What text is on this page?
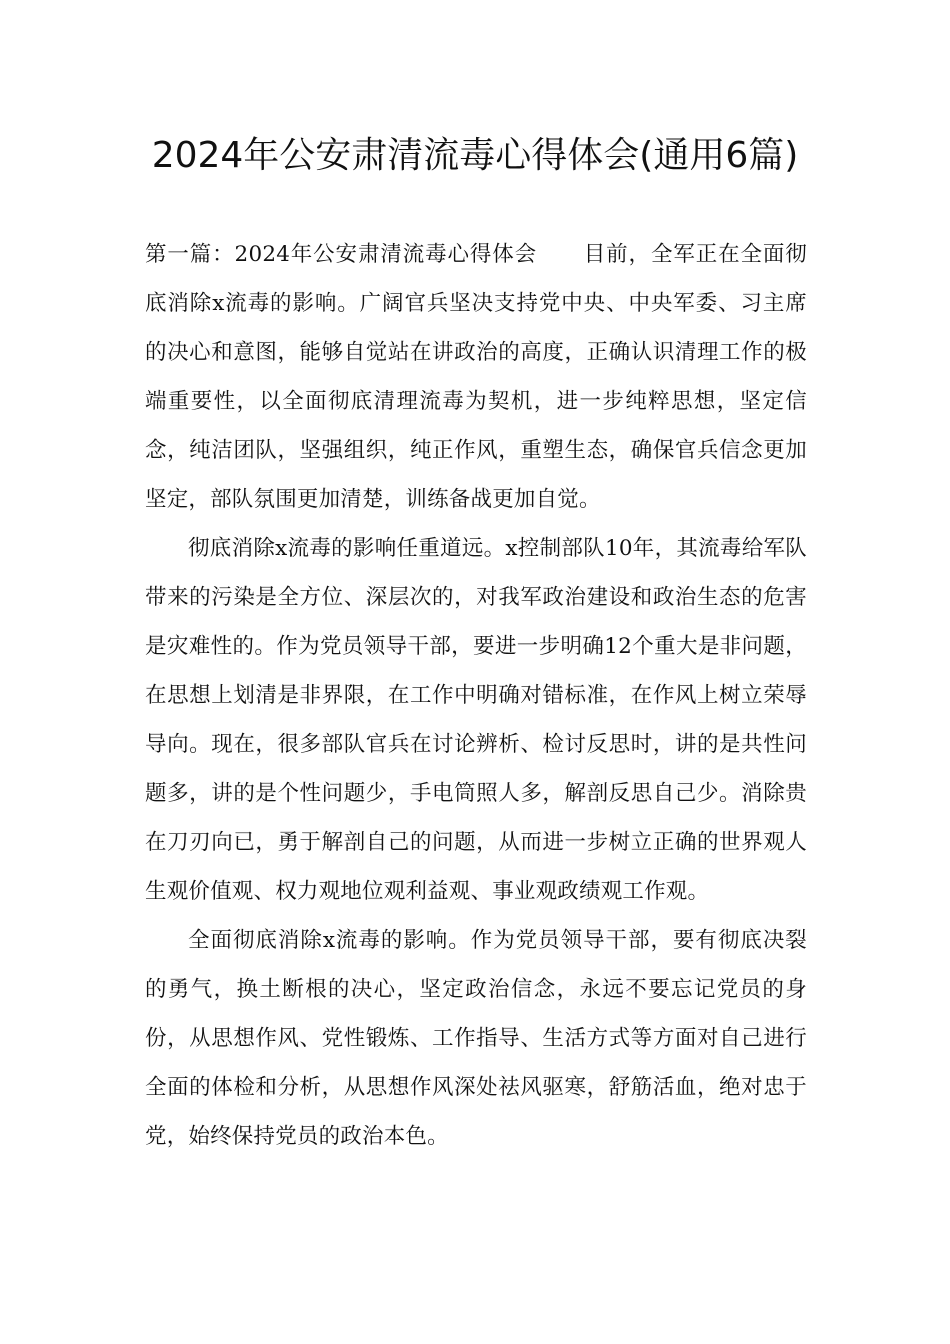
2024年公安肃清流毒心得体会(通用6篇)

第一篇：2024年公安肃清流毒心得体会 目前，全军正在全面彻底消除x流毒的影响。广阔官兵坚决支持党中央、中央军委、习主席的决心和意图，能够自觉站在讲政治的高度，正确认识清理工作的极端重要性，以全面彻底清理流毒为契机，进一步纯粹思想，坚定信念，纯洁团队，坚强组织，纯正作风，重塑生态，确保官兵信念更加坚定，部队氛围更加清楚，训练备战更加自觉。

彻底消除x流毒的影响任重道远。x控制部队10年，其流毒给军队带来的污染是全方位、深层次的，对我军政治建设和政治生态的危害是灾难性的。作为党员领导干部，要进一步明确12个重大是非问题，在思想上划清是非界限，在工作中明确对错标准，在作风上树立荣辱导向。现在，很多部队官兵在讨论辨析、检讨反思时，讲的是共性问题多，讲的是个性问题少，手电筒照人多，解剖反思自己少。消除贵在刀刃向已，勇于解剖自己的问题，从而进一步树立正确的世界观人生观价值观、权力观地位观利益观、事业观政绩观工作观。

全面彻底消除x流毒的影响。作为党员领导干部，要有彻底决裂的勇气，换土断根的决心，坚定政治信念，永远不要忘记党员的身份，从思想作风、党性锻炼、工作指导、生活方式等方面对自己进行全面的体检和分析，从思想作风深处祛风驱寒，舒筋活血，绝对忠于党，始终保持党员的政治本色。
